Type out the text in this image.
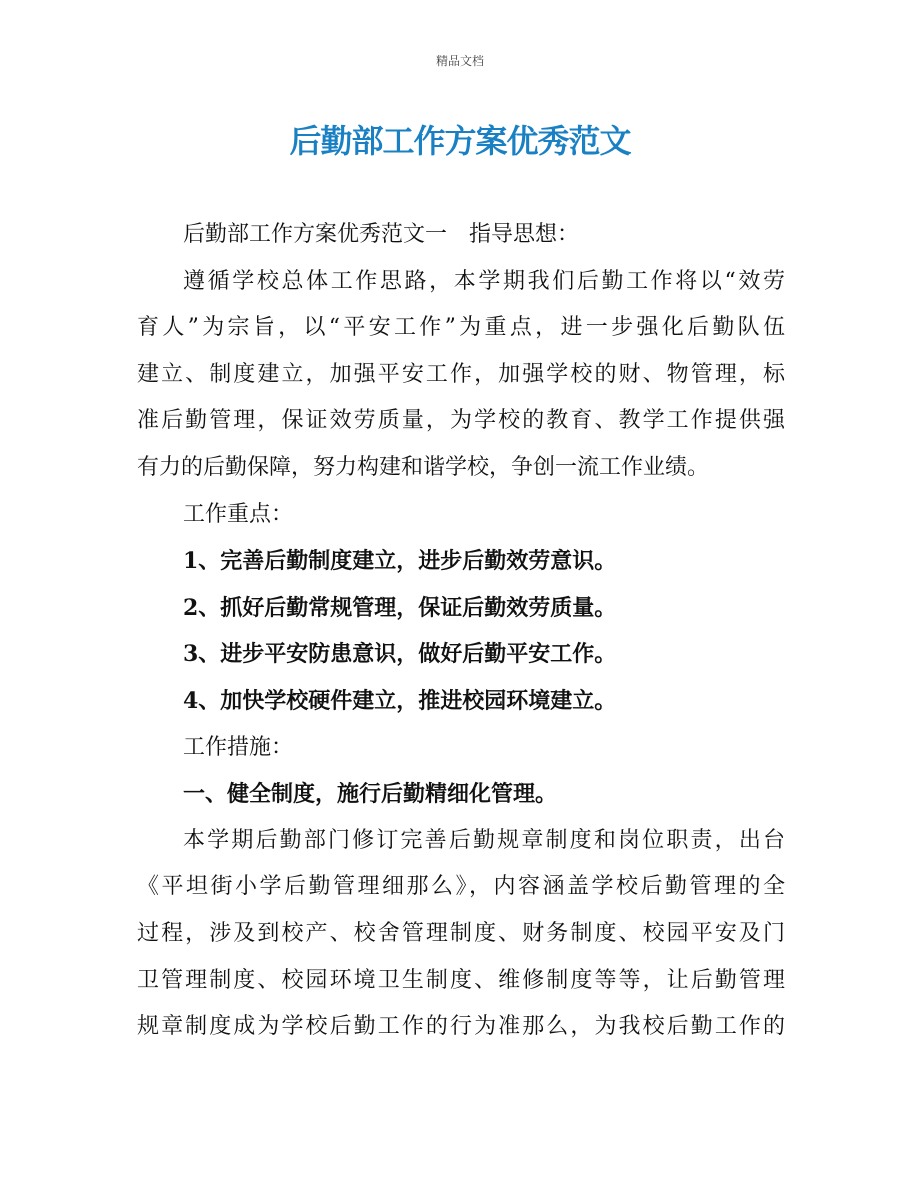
精品文档
后勤部工作方案优秀范文
后勤部工作方案优秀范文一　指导思想：
遵循学校总体工作思路，本学期我们后勤工作将以“效劳
育人”为宗旨，以“平安工作”为重点，进一步强化后勤队伍
建立、制度建立，加强平安工作，加强学校的财、物管理，标
准后勤管理，保证效劳质量，为学校的教育、教学工作提供强
有力的后勤保障，努力构建和谐学校，争创一流工作业绩。
工作重点：
1、完善后勤制度建立，进步后勤效劳意识。
2、抓好后勤常规管理，保证后勤效劳质量。
3、进步平安防患意识，做好后勤平安工作。
4、加快学校硬件建立，推进校园环境建立。
工作措施：
一、健全制度，施行后勤精细化管理。
本学期后勤部门修订完善后勤规章制度和岗位职责，出台
《平坦街小学后勤管理细那么》，内容涵盖学校后勤管理的全
过程，涉及到校产、校舍管理制度、财务制度、校园平安及门
卫管理制度、校园环境卫生制度、维修制度等等，让后勤管理
规章制度成为学校后勤工作的行为准那么，为我校后勤工作的
